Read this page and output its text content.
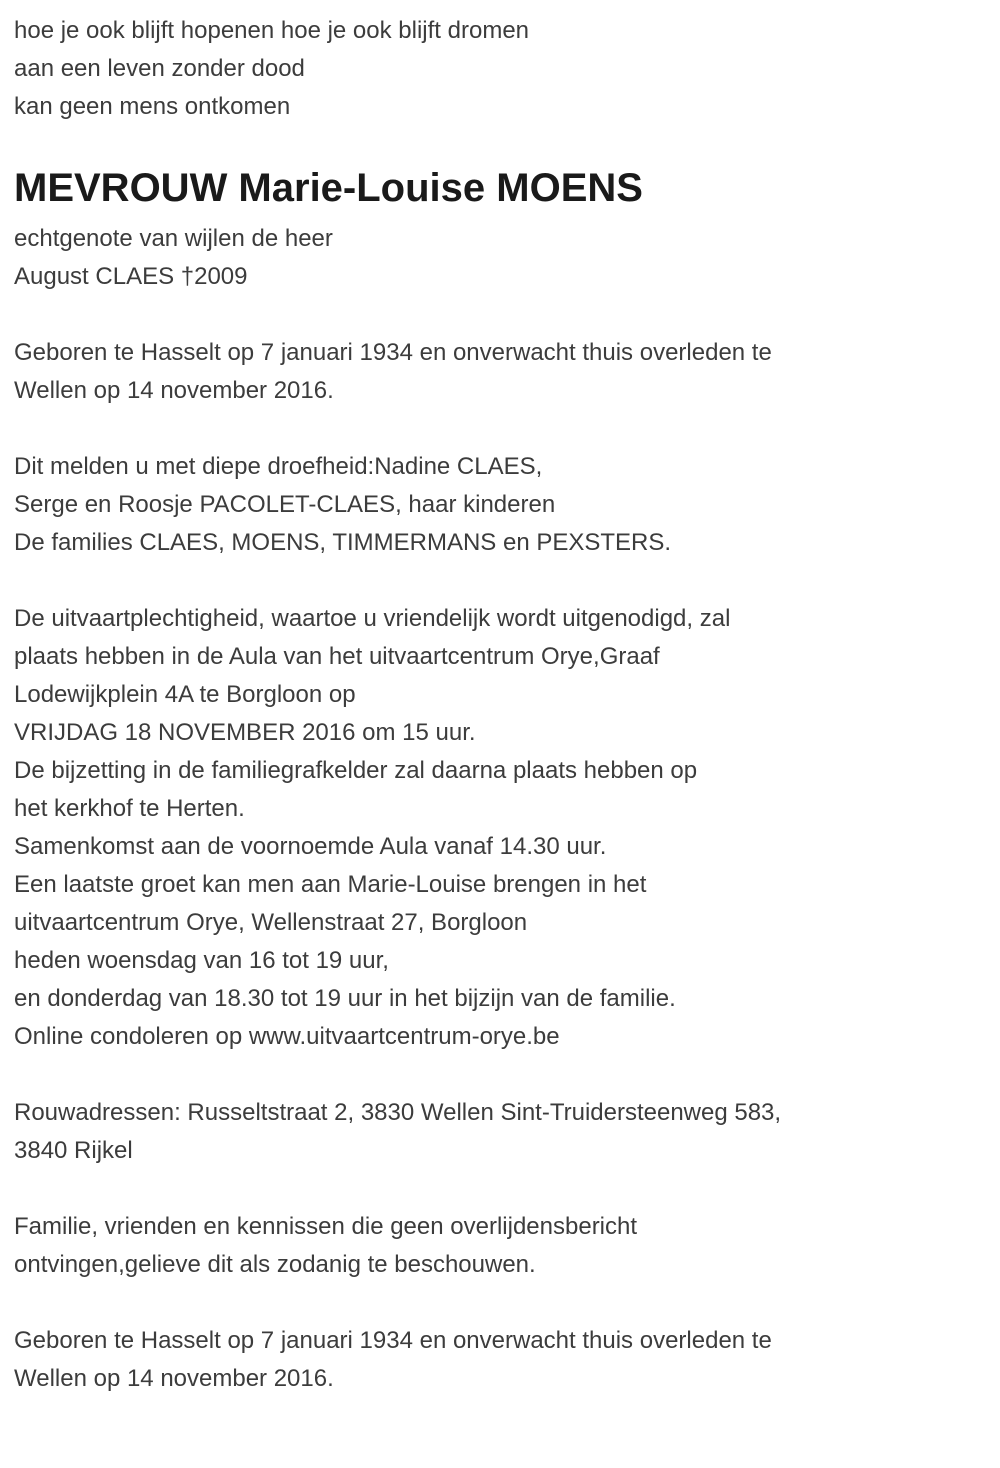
hoe je ook blijft hopenen hoe je ook blijft dromen
aan een leven zonder dood
kan geen mens ontkomen
MEVROUW Marie-Louise MOENS
echtgenote van wijlen de heer
August CLAES †2009
Geboren te Hasselt op 7 januari 1934 en onverwacht thuis overleden te
Wellen op 14 november 2016.
Dit melden u met diepe droefheid:Nadine CLAES,
Serge en Roosje PACOLET-CLAES, haar kinderen
De families CLAES, MOENS, TIMMERMANS en PEXSTERS.
De uitvaartplechtigheid, waartoe u vriendelijk wordt uitgenodigd, zal
plaats hebben in de Aula van het uitvaartcentrum Orye,Graaf
Lodewijkplein 4A te Borgloon op
VRIJDAG 18 NOVEMBER 2016 om 15 uur.
De bijzetting in de familiegrafkelder zal daarna plaats hebben op
het kerkhof te Herten.
Samenkomst aan de voornoemde Aula vanaf 14.30 uur.
Een laatste groet kan men aan Marie-Louise brengen in het
uitvaartcentrum Orye, Wellenstraat 27, Borgloon
heden woensdag van 16 tot 19 uur,
en donderdag van 18.30 tot 19 uur in het bijzijn van de familie.
Online condoleren op www.uitvaartcentrum-orye.be
Rouwadressen: Russeltstraat 2, 3830 Wellen Sint-Truidersteenweg 583,
3840 Rijkel
Familie, vrienden en kennissen die geen overlijdensbericht
ontvingen,gelieve dit als zodanig te beschouwen.
Geboren te Hasselt op 7 januari 1934 en onverwacht thuis overleden te
Wellen op 14 november 2016.
